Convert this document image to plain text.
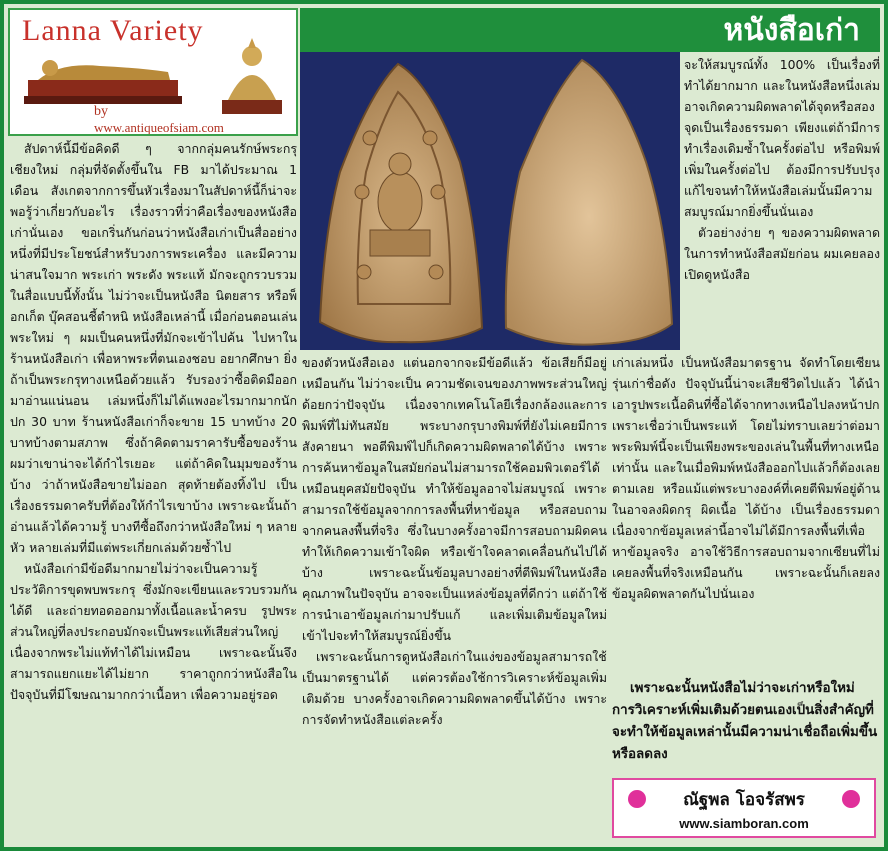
Lanna Variety
by
www.antiqueofsiam.com
หนังสือเก่า

สัปดาห์นี้มีข้อคิดดี ๆ จากกลุ่มคนรักษ์พระกรุเชียงใหม่ กลุ่มที่จัดตั้งขึ้นใน FB มาได้ประมาณ 1 เดือน สังเกตจากการขึ้นหัวเรื่องมาในสัปดาห์นี้ก็น่าจะพอรู้ว่าเกี่ยวกับอะไร เรื่องราวที่ว่าคือเรื่องของหนังสือเก่านั่นเอง ขอเกริ่นกันก่อนว่าหนังสือเก่าเป็นสื่ออย่างหนึ่งที่มีประโยชน์สำหรับวงการพระเครื่อง และมีความน่าสนใจมาก พระเก่า พระดัง พระแท้ มักจะถูกรวบรวมในสื่อแบบนี้ทั้งนั้น ไม่ว่าจะเป็นหนังสือ นิตยสาร หรือพ็อกเก็ต บุ๊คสอนชี้ตำหนิ หนังสือเหล่านี้ เมื่อก่อนตอนเล่นพระใหม่ ๆ ผมเป็นคนหนึ่งที่มักจะเข้าไปค้น ไปหาในร้านหนังสือเก่า เพื่อหาพระที่ตนเองชอบ อยากศึกษา ยิ่งถ้าเป็นพระกรุทางเหนือด้วยแล้ว รับรองว่าซื้อติดมืออกมาอ่านแน่นอน เล่มหนึ่งก็ไม่ได้แพงอะไรมากมากนัก ปก 30 บาท ร้านหนังสือเก่าก็จะขาย 15 บาทบ้าง 20 บาทบ้างตามสภาพ ซึ่งถ้าคิดตามราคารับซื้อของร้านผมว่าเขาน่าจะได้กำไรเยอะ แต่ถ้าคิดในมุมของร้านบ้าง ว่าถ้าหนังสือขายไม่ออก สุดท้ายต้องทิ้งไป เป็นเรื่องธรรมดาครับที่ต้องให้กำไรเขาบ้าง เพราะฉะนั้นถ้าอ่านแล้วได้ความรู้ บางทีซื้อถึงกว่าหนังสือใหม่ ๆ หลายหัว หลายเล่มที่มีแต่พระเกี่ยกเล่มด้วยซ้ำไป

หนังสือเก่ามีข้อดีมากมายไม่ว่าจะเป็นความรู้ประวัติการขุดพบพระกรุ ซึ่งมักจะเขียนและรวบรวมกันได้ดี และถ่ายทอดออกมาทั้งเนื้อและน้ำครบ รูปพระส่วนใหญ่ที่ลงประกอบมักจะเป็นพระแท้เสียส่วนใหญ่ เนื่องจากพระไม่แท้ทำได้ไม่เหมือน เพราะฉะนั้นจึงสามารถแยกแยะได้ไม่ยาก ราคาถูกกว่าหนังสือในปัจจุบันที่มีโฆษณามากกว่าเนื้อหา เพื่อความอยู่รอด

ของตัวหนังสือเอง แต่นอกจากจะมีข้อดีแล้ว ข้อเสียก็มีอยู่เหมือนกัน ไม่ว่าจะเป็น ความชัดเจนของภาพพระส่วนใหญ่ ด้อยกว่าปัจจุบัน เนื่องจากเทคโนโลยีเรื่องกล้องและการพิมพ์ที่ไม่ทันสมัย พระบางกรุบางพิมพ์ที่ยังไม่เคยมีการสังคายนา พอตีพิมพ์ไปก็เกิดความผิดพลาดได้บ้าง เพราะการค้นหาข้อมูลในสมัยก่อนไม่สามารถใช้คอมพิวเตอร์ได้เหมือนยุคสมัยปัจจุบัน ทำให้ข้อมูลอาจไม่สมบูรณ์ เพราะสามารถใช้ข้อมูลจากการลงพื้นที่หาข้อมูล หรือสอบถามจากคนลงพื้นที่จริง ซึ่งในบางครั้งอาจมีการสอบถามผิดคน ทำให้เกิดความเข้าใจผิด หรือเข้าใจคลาดเคลื่อนกันไปได้บ้าง เพราะฉะนั้นข้อมูลบางอย่างที่ตีพิมพ์ในหนังสือคุณภาพในปัจจุบัน อาจจะเป็นแหล่งข้อมูลที่ดีกว่า แต่ถ้าใช้การนำเอาข้อมูลเก่ามาปรับแก้ และเพิ่มเติมข้อมูลใหม่เข้าไปจะทำให้สมบูรณ์ยิ่งขึ้น

เพราะฉะนั้นการดูหนังสือเก่าในแง่ของข้อมูลสามารถใช้เป็นมาตรฐานได้ แต่ควรต้องใช้การวิเคราะห์ข้อมูลเพิ่มเติมด้วย บางครั้งอาจเกิดความผิดพลาดขึ้นได้บ้าง เพราะการจัดทำหนังสือแต่ละครั้ง

จะให้สมบูรณ์ทั้ง 100% เป็นเรื่องที่ทำได้ยากมาก และในหนังสือหนึ่งเล่มอาจเกิดความผิดพลาดได้จุดหรือสองจุดเป็นเรื่องธรรมดา เพียงแต่ถ้ามีการทำเรื่องเดิมซ้ำในครั้งต่อไป หรือพิมพ์เพิ่มในครั้งต่อไป ต้องมีการปรับปรุงแก้ไขจนทำให้หนังสือเล่มนั้นมีความสมบูรณ์มากยิ่งขึ้นนั่นเอง

ตัวอย่างง่าย ๆ ของความผิดพลาดในการทำหนังสือสมัยก่อน ผมเคยลองเปิดดูหนังสือ

เก่าเล่มหนึ่ง เป็นหนังสือมาตรฐาน จัดทำโดยเซียนรุ่นเก่าชื่อดัง ปัจจุบันนี้น่าจะเสียชีวิตไปแล้ว ได้นำเอารูปพระเนื้อดินที่ซื้อได้จากทางเหนือไปลงหน้าปก เพราะเชื่อว่าเป็นพระแท้ โดยไม่ทราบเลยว่าต่อมาพระพิมพ์นี้จะเป็นเพียงพระของเล่นในพื้นที่ทางเหนือเท่านั้น และในเมื่อพิมพ์หนังสือออกไปแล้วก็ต้องเลยตามเลย หรือแม้แต่พระบางองค์ที่เคยตีพิมพ์อยู่ด้านในอาจลงผิดกรุ ผิดเนื้อ ได้บ้าง เป็นเรื่องธรรมดา เนื่องจากข้อมูลเหล่านี้อาจไม่ได้มีการลงพื้นที่เพื่อหาข้อมูลจริง อาจใช้วิธีการสอบถามจากเซียนที่ไม่เคยลงพื้นที่จริงเหมือนกัน เพราะฉะนั้นก็เลยลงข้อมูลผิดพลาดกันไปนั่นเอง

เพราะฉะนั้นหนังสือไม่ว่าจะเก่าหรือใหม่ การวิเคราะห์เพิ่มเติมด้วยตนเองเป็นสิ่งสำคัญที่จะทำให้ข้อมูลเหล่านั้นมีความน่าเชื่อถือเพิ่มขึ้น หรือลดลง

ณัฐพล โอจรัสพร
www.siamboran.com
